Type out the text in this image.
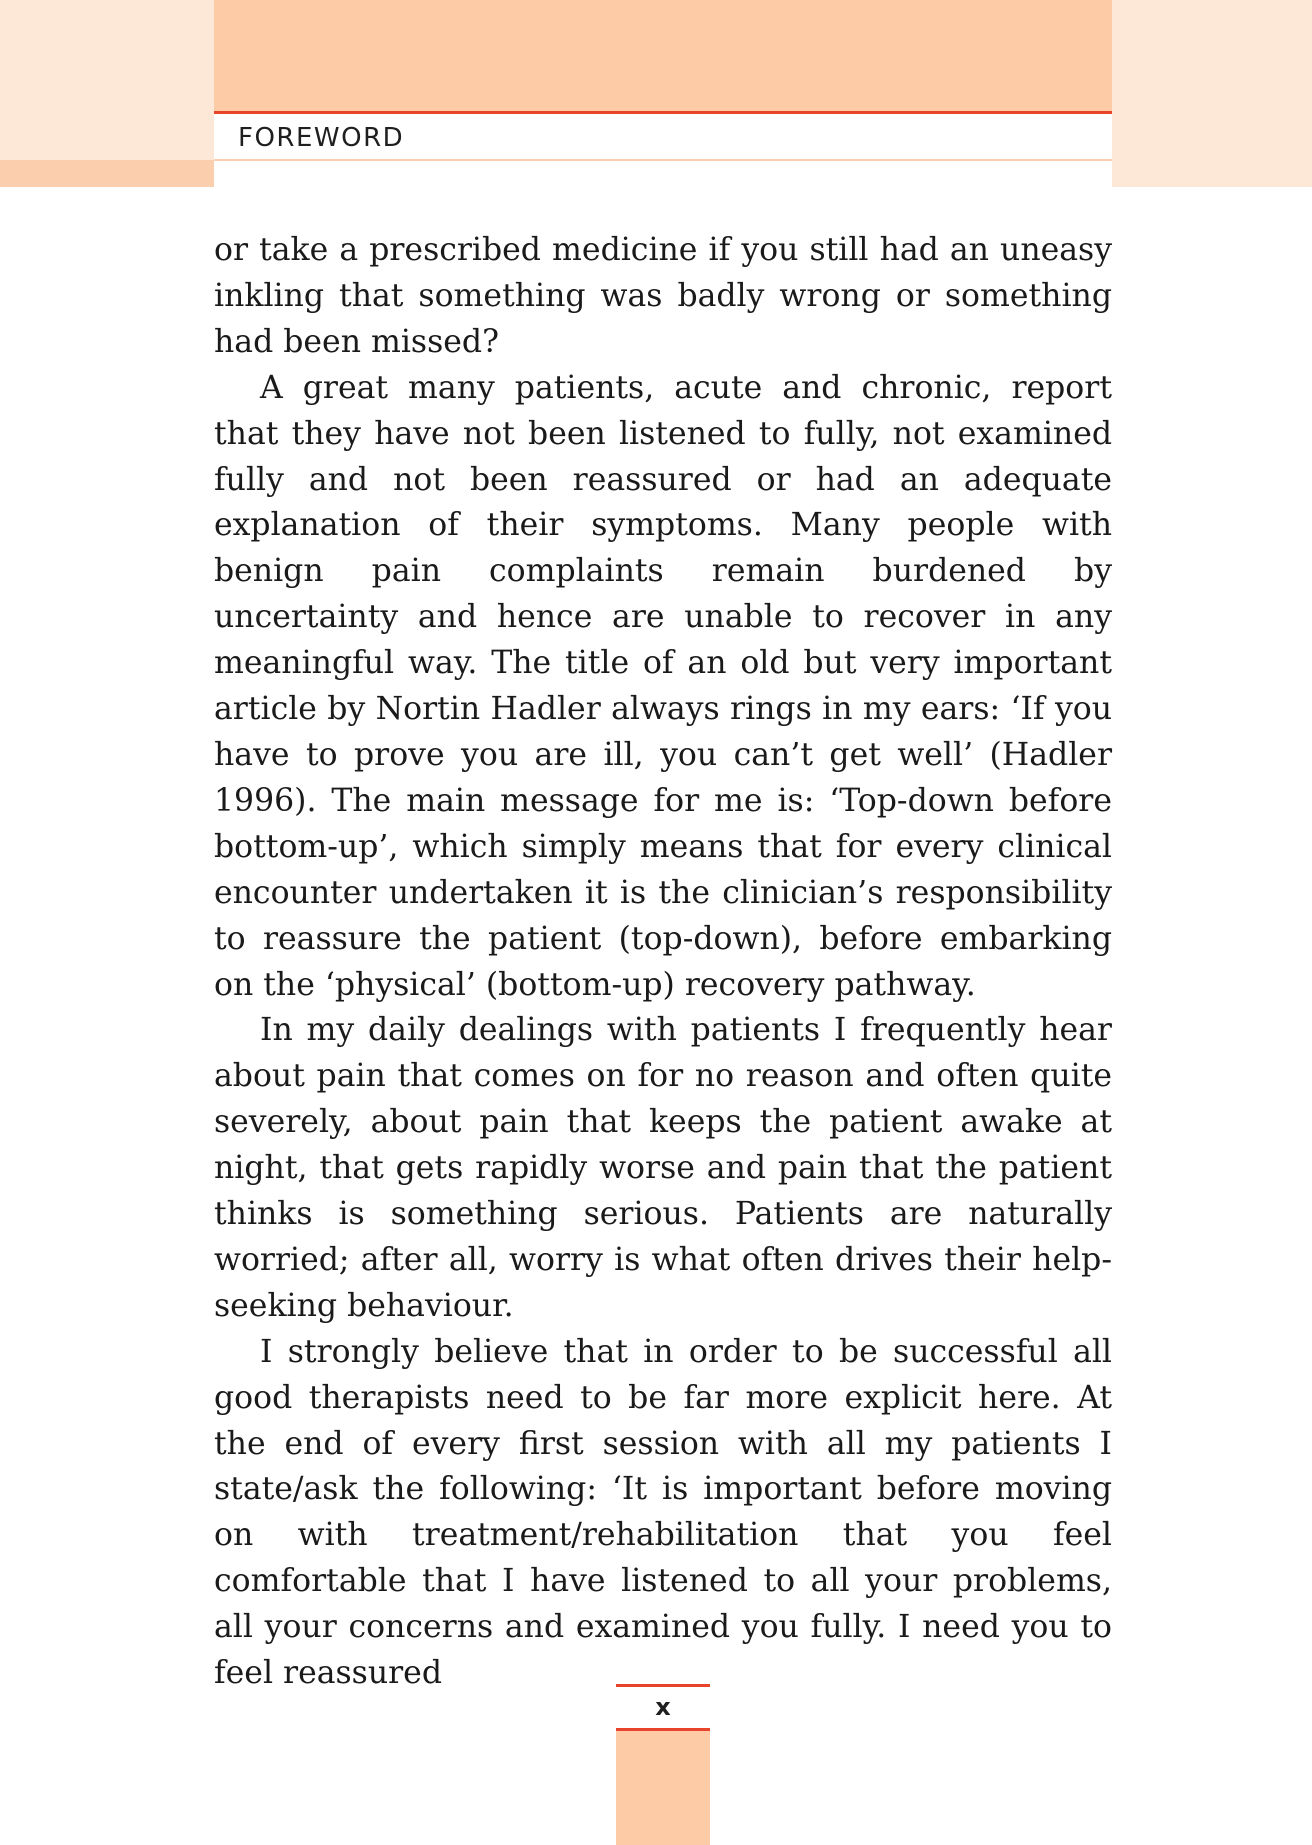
FOREWORD

or take a prescribed medicine if you still had an uneasy inkling that something was badly wrong or something had been missed?

A great many patients, acute and chronic, report that they have not been listened to fully, not examined fully and not been reassured or had an adequate explanation of their symptoms. Many people with benign pain complaints remain burdened by uncertainty and hence are unable to recover in any meaningful way. The title of an old but very important article by Nortin Hadler always rings in my ears: ‘If you have to prove you are ill, you can’t get well’ (Hadler 1996). The main message for me is: ‘Top-down before bottom-up’, which simply means that for every clinical encounter undertaken it is the clinician’s responsibility to reassure the patient (top-down), before embarking on the ‘physical’ (bottom-up) recovery pathway.

In my daily dealings with patients I frequently hear about pain that comes on for no reason and often quite severely, about pain that keeps the patient awake at night, that gets rapidly worse and pain that the patient thinks is something serious. Patients are naturally worried; after all, worry is what often drives their help-seeking behaviour.

I strongly believe that in order to be successful all good therapists need to be far more explicit here. At the end of every first session with all my patients I state/ask the following: ‘It is important before moving on with treatment/rehabilitation that you feel comfortable that I have listened to all your problems, all your concerns and examined you fully. I need you to feel reassured

x
